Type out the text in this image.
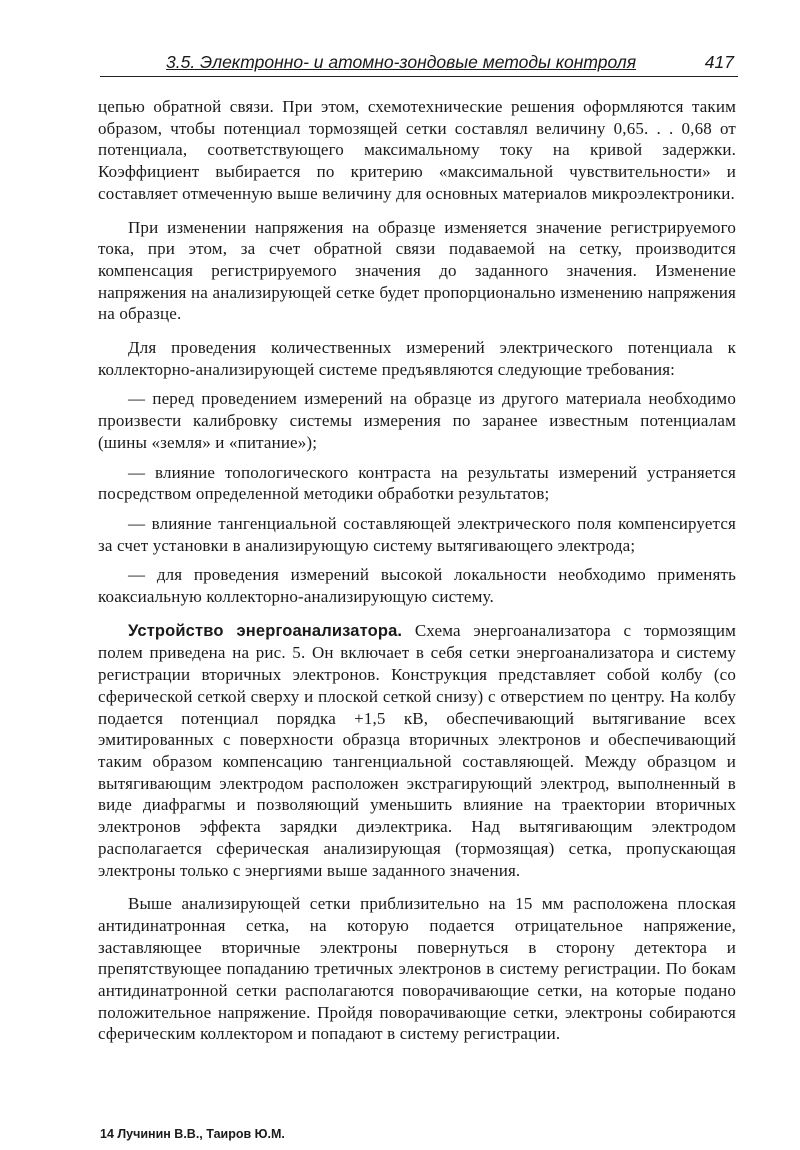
3.5. Электронно- и атомно-зондовые методы контроля	417

цепью обратной связи. При этом, схемотехнические решения оформляются таким образом, чтобы потенциал тормозящей сетки составлял величину 0,65. . . 0,68 от потенциала, соответствующего максимальному току на кривой задержки. Коэффициент выбирается по критерию «максимальной чувствительности» и составляет отмеченную выше величину для основных материалов микроэлектроники.

При изменении напряжения на образце изменяется значение регистрируемого тока, при этом, за счет обратной связи подаваемой на сетку, производится компенсация регистрируемого значения до заданного значения. Изменение напряжения на анализирующей сетке будет пропорционально изменению напряжения на образце.

Для проведения количественных измерений электрического потенциала к коллекторно-анализирующей системе предъявляются следующие требования:

— перед проведением измерений на образце из другого материала необходимо произвести калибровку системы измерения по заранее известным потенциалам (шины «земля» и «питание»);

— влияние топологического контраста на результаты измерений устраняется посредством определенной методики обработки результатов;

— влияние тангенциальной составляющей электрического поля компенсируется за счет установки в анализирующую систему вытягивающего электрода;

— для проведения измерений высокой локальности необходимо применять коаксиальную коллекторно-анализирующую систему.

Устройство энергоанализатора. Схема энергоанализатора с тормозящим полем приведена на рис. 5. Он включает в себя сетки энергоанализатора и систему регистрации вторичных электронов. Конструкция представляет собой колбу (со сферической сеткой сверху и плоской сеткой снизу) с отверстием по центру. На колбу подается потенциал порядка +1,5 кВ, обеспечивающий вытягивание всех эмитированных с поверхности образца вторичных электронов и обеспечивающий таким образом компенсацию тангенциальной составляющей. Между образцом и вытягивающим электродом расположен экстрагирующий электрод, выполненный в виде диафрагмы и позволяющий уменьшить влияние на траектории вторичных электронов эффекта зарядки диэлектрика. Над вытягивающим электродом располагается сферическая анализирующая (тормозящая) сетка, пропускающая электроны только с энергиями выше заданного значения.

Выше анализирующей сетки приблизительно на 15 мм расположена плоская антидинатронная сетка, на которую подается отрицательное напряжение, заставляющее вторичные электроны повернуться в сторону детектора и препятствующее попаданию третичных электронов в систему регистрации. По бокам антидинатронной сетки располагаются поворачивающие сетки, на которые подано положительное напряжение. Пройдя поворачивающие сетки, электроны собираются сферическим коллектором и попадают в систему регистрации.

14 Лучинин В.В., Таиров Ю.М.
